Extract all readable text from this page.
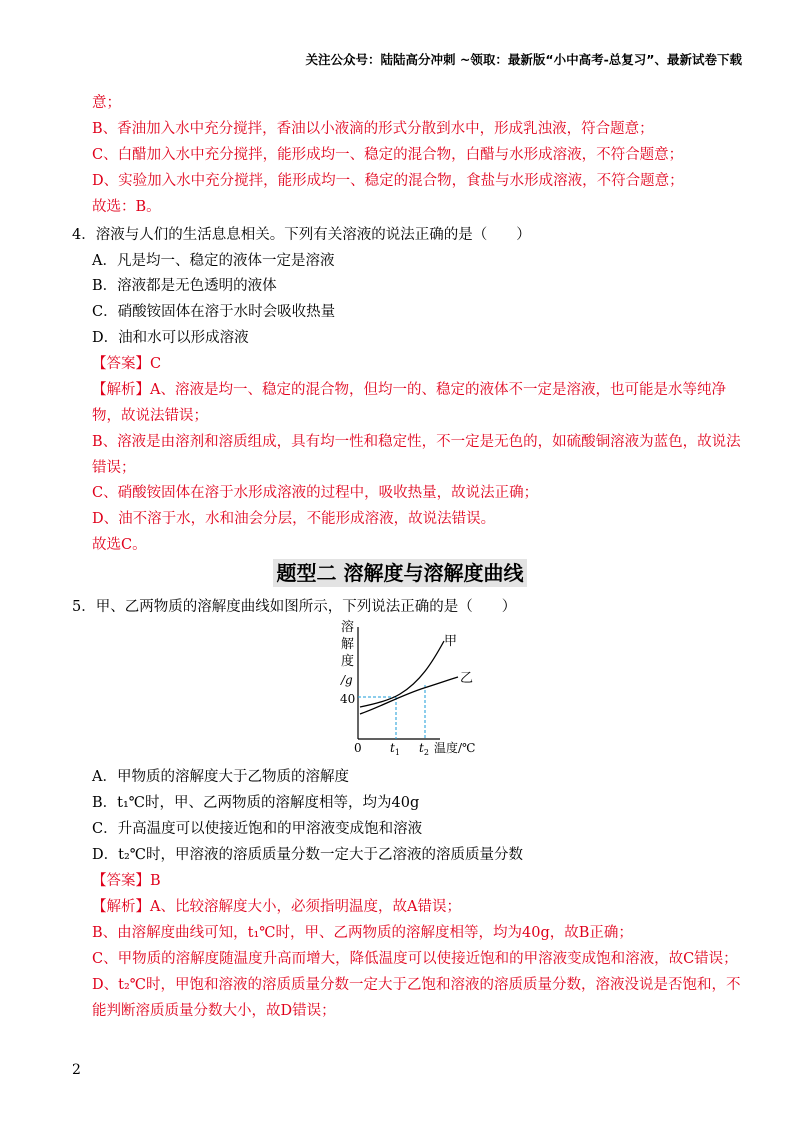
关注公众号：陆陆高分冲刺 ~领取：最新版“小中高考-总复习”、最新试卷下载
意；
B、香油加入水中充分搅拌，香油以小液滴的形式分散到水中，形成乳浊液，符合题意；
C、白醋加入水中充分搅拌，能形成均一、稳定的混合物，白醋与水形成溶液，不符合题意；
D、实验加入水中充分搅拌，能形成均一、稳定的混合物，食盐与水形成溶液，不符合题意；
故选：B。
4．溶液与人们的生活息息相关。下列有关溶液的说法正确的是（　　）
A．凡是均一、稳定的液体一定是溶液
B．溶液都是无色透明的液体
C．硝酸铵固体在溶于水时会吸收热量
D．油和水可以形成溶液
【答案】C
【解析】A、溶液是均一、稳定的混合物，但均一的、稳定的液体不一定是溶液，也可能是水等纯净
物，故说法错误；
B、溶液是由溶剂和溶质组成，具有均一性和稳定性，不一定是无色的，如硫酸铜溶液为蓝色，故说法
错误；
C、硝酸铵固体在溶于水形成溶液的过程中，吸收热量，故说法正确；
D、油不溶于水，水和油会分层，不能形成溶液，故说法错误。
故选C。
题型二 溶解度与溶解度曲线
5．甲、乙两物质的溶解度曲线如图所示，下列说法正确的是（　　）
溶
解
度
/g
40
0
甲
乙
$t_1$ $t_2$ 温度/℃
A．甲物质的溶解度大于乙物质的溶解度
B．t₁℃时，甲、乙两物质的溶解度相等，均为40g
C．升高温度可以使接近饱和的甲溶液变成饱和溶液
D．t₂℃时，甲溶液的溶质质量分数一定大于乙溶液的溶质质量分数
【答案】B
【解析】A、比较溶解度大小，必须指明温度，故A错误；
B、由溶解度曲线可知，t₁℃时，甲、乙两物质的溶解度相等，均为40g，故B正确；
C、甲物质的溶解度随温度升高而增大，降低温度可以使接近饱和的甲溶液变成饱和溶液，故C错误；
D、t₂℃时，甲饱和溶液的溶质质量分数一定大于乙饱和溶液的溶质质量分数，溶液没说是否饱和，不
能判断溶质质量分数大小，故D错误；
2
